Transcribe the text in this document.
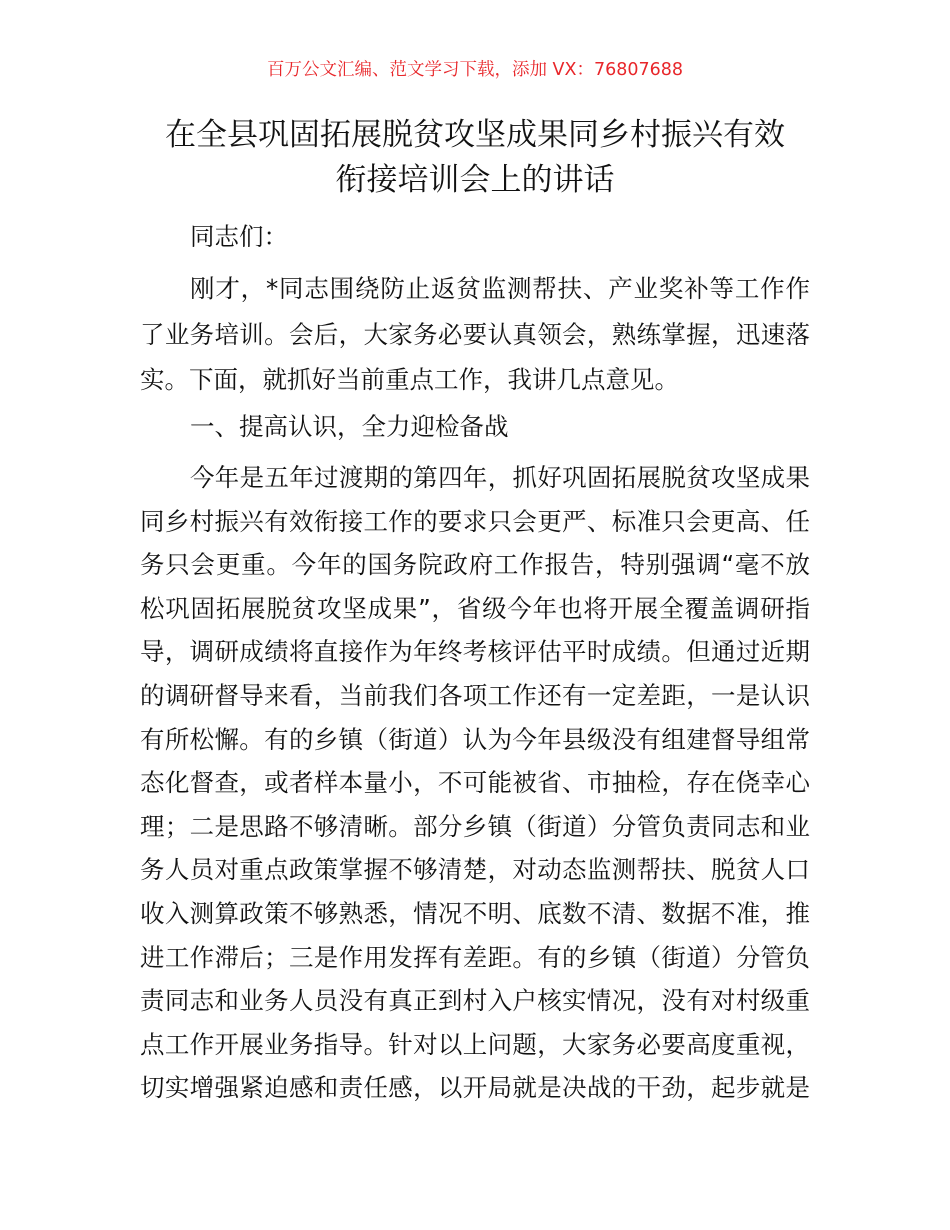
百万公文汇编、范文学习下载，添加 VX：76807688
在全县巩固拓展脱贫攻坚成果同乡村振兴有效
衔接培训会上的讲话
同志们：
刚才，*同志围绕防止返贫监测帮扶、产业奖补等工作作
了业务培训。会后，大家务必要认真领会，熟练掌握，迅速落
实。下面，就抓好当前重点工作，我讲几点意见。
一、提高认识，全力迎检备战
今年是五年过渡期的第四年，抓好巩固拓展脱贫攻坚成果
同乡村振兴有效衔接工作的要求只会更严、标准只会更高、任
务只会更重。今年的国务院政府工作报告，特别强调“毫不放
松巩固拓展脱贫攻坚成果”，省级今年也将开展全覆盖调研指
导，调研成绩将直接作为年终考核评估平时成绩。但通过近期
的调研督导来看，当前我们各项工作还有一定差距，一是认识
有所松懈。有的乡镇（街道）认为今年县级没有组建督导组常
态化督查，或者样本量小，不可能被省、市抽检，存在侥幸心
理；二是思路不够清晰。部分乡镇（街道）分管负责同志和业
务人员对重点政策掌握不够清楚，对动态监测帮扶、脱贫人口
收入测算政策不够熟悉，情况不明、底数不清、数据不准，推
进工作滞后；三是作用发挥有差距。有的乡镇（街道）分管负
责同志和业务人员没有真正到村入户核实情况，没有对村级重
点工作开展业务指导。针对以上问题，大家务必要高度重视，
切实增强紧迫感和责任感，以开局就是决战的干劲，起步就是
